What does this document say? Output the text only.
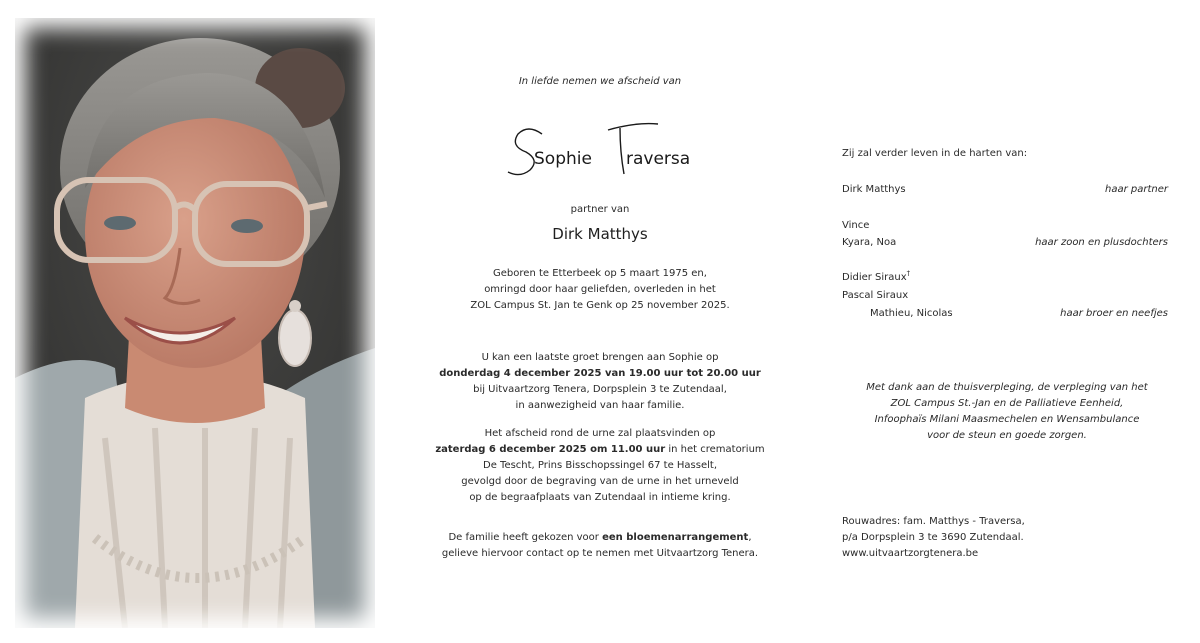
In liefde nemen we afscheid van
Sophie raversa
partner van
Dirk Matthys
Geboren te Etterbeek op 5 maart 1975 en,
omringd door haar geliefden, overleden in het
ZOL Campus St. Jan te Genk op 25 november 2025.
U kan een laatste groet brengen aan Sophie op
donderdag 4 december 2025 van 19.00 uur tot 20.00 uur
bij Uitvaartzorg Tenera, Dorpsplein 3 te Zutendaal,
in aanwezigheid van haar familie.
Het afscheid rond de urne zal plaatsvinden op
zaterdag 6 december 2025 om 11.00 uur in het crematorium
De Tescht, Prins Bisschopssingel 67 te Hasselt,
gevolgd door de begraving van de urne in het urneveld
op de begraafplaats van Zutendaal in intieme kring.
De familie heeft gekozen voor een bloemenarrangement,
gelieve hiervoor contact op te nemen met Uitvaartzorg Tenera.
Zij zal verder leven in de harten van:
Dirk Matthys	haar partner
Vince
Kyara, Noa	haar zoon en plusdochters
Didier Siraux†
Pascal Siraux
Mathieu, Nicolas	haar broer en neefjes
Met dank aan de thuisverpleging, de verpleging van het
ZOL Campus St.-Jan en de Palliatieve Eenheid,
Infoophaïs Milani Maasmechelen en Wensambulance
voor de steun en goede zorgen.
Rouwadres: fam. Matthys - Traversa,
p/a Dorpsplein 3 te 3690 Zutendaal.
www.uitvaartzorgtenera.be
